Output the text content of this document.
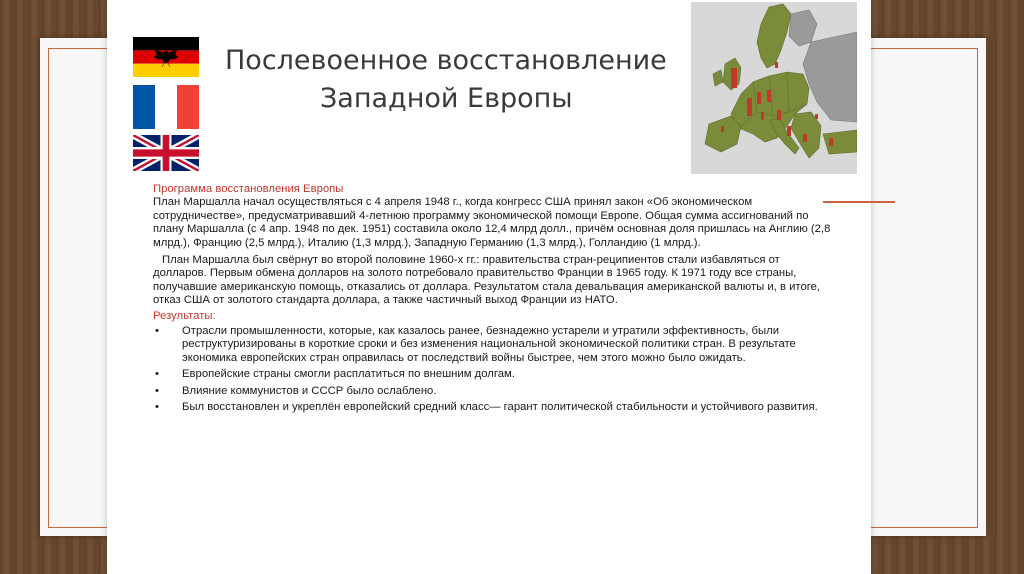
Послевоенное восстановление
Западной Европы

Программа восстановления Европы

План Маршалла начал осуществляться с 4 апреля 1948 г., когда конгресс США принял закон «Об экономическом сотрудничестве», предусматривавший 4-летнюю программу экономической помощи Европе. Общая сумма ассигнований по плану Маршалла (с 4 апр. 1948 по дек. 1951) составила около 12,4 млрд долл., причём основная доля пришлась на Англию (2,8 млрд.), Францию (2,5 млрд.), Италию (1,3 млрд.), Западную Германию (1,3 млрд.), Голландию (1 млрд.).

План Маршалла был свёрнут во второй половине 1960-х гг.: правительства стран-реципиентов стали избавляться от долларов. Первым обмена долларов на золото потребовало правительство Франции в 1965 году. К 1971 году все страны, получавшие американскую помощь, отказались от доллара. Результатом стала девальвация американской валюты и, в итоге, отказ США от золотого стандарта доллара, а также частичный выход Франции из НАТО.

Результаты:

• Отрасли промышленности, которые, как казалось ранее, безнадежно устарели и утратили эффективность, были реструктуризированы в короткие сроки и без изменения национальной экономической политики стран. В результате экономика европейских стран оправилась от последствий войны быстрее, чем этого можно было ожидать.
• Европейские страны смогли расплатиться по внешним долгам.
• Влияние коммунистов и СССР было ослаблено.
• Был восстановлен и укреплён европейский средний класс— гарант политической стабильности и устойчивого развития.
